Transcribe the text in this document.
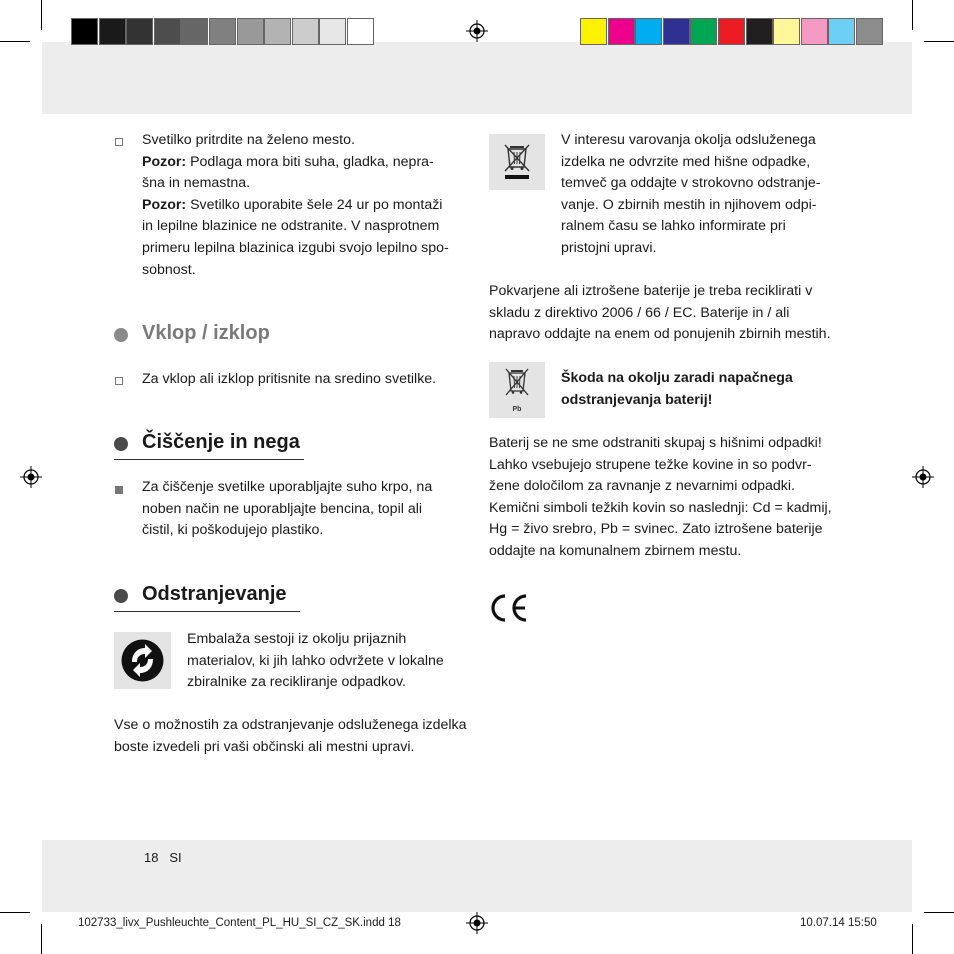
Svetilko pritrdite na želeno mesto.

Pozor: Podlaga mora biti suha, gladka, nepra-

šna in nemastna.

Pozor: Svetilko uporabite šele 24 ur po montaži

in lepilne blazinice ne odstranite. V nasprotnem

primeru lepilna blazinica izgubi svojo lepilno spo-

sobnost.

Vklop / izklop

Za vklop ali izklop pritisnite na sredino svetilke.

Čiščenje in nega

Za čiščenje svetilke uporabljajte suho krpo, na

noben način ne uporabljajte bencina, topil ali

čistil, ki poškodujejo plastiko.

Odstranjevanje

Embalaža sestoji iz okolju prijaznih

materialov, ki jih lahko odvržete v lokalne

zbiralnike za recikliranje odpadkov.

Vse o možnostih za odstranjevanje odsluženega izdelka

boste izvedeli pri vaši občinski ali mestni upravi.

V interesu varovanja okolja odsluženega

izdelka ne odvrzite med hišne odpadke,

temveč ga oddajte v strokovno odstranje-

vanje. O zbirnih mestih in njihovem odpi-

ralnem času se lahko informirate pri

pristojni upravi.

Pokvarjene ali iztrošene baterije je treba reciklirati v

skladu z direktivo 2006 / 66 / EC. Baterije in / ali

napravo oddajte na enem od ponujenih zbirnih mestih.

Pb

Škoda na okolju zaradi napačnega

odstranjevanja baterij!

Baterij se ne sme odstraniti skupaj s hišnimi odpadki!

Lahko vsebujejo strupene težke kovine in so podvr-

žene določilom za ravnanje z nevarnimi odpadki.

Kemični simboli težkih kovin so naslednji: Cd = kadmij,

Hg = živo srebro, Pb = svinec. Zato iztrošene baterije

oddajte na komunalnem zbirnem mestu.

18 SI
102733_livx_Pushleuchte_Content_PL_HU_SI_CZ_SK.indd 18	10.07.14 15:50
